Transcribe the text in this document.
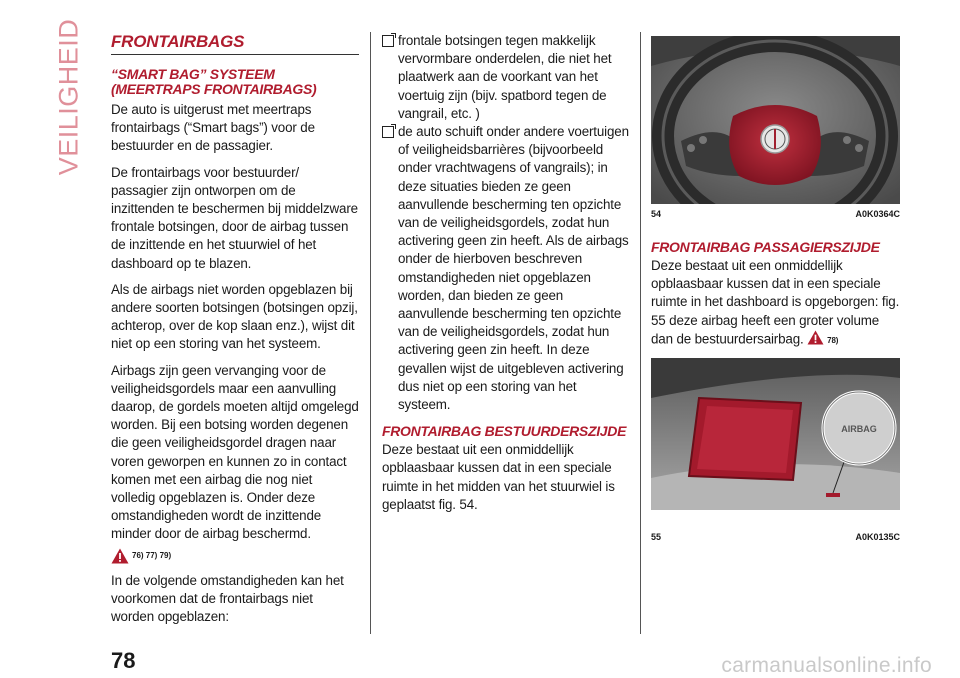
VEILIGHEID FRONTAIRBAGS
“SMART BAG” SYSTEEM (MEERTRAPS FRONTAIRBAGS)

De auto is uitgerust met meertraps frontairbags (“Smart bags”) voor de bestuurder en de passagier.

De frontairbags voor bestuurder/ passagier zijn ontworpen om de inzittenden te beschermen bij middelzware frontale botsingen, door de airbag tussen de inzittende en het stuurwiel of het dashboard op te blazen.

Als de airbags niet worden opgeblazen bij andere soorten botsingen (botsingen opzij, achterop, over de kop slaan enz.), wijst dit niet op een storing van het systeem.

Airbags zijn geen vervanging voor de veiligheidsgordels maar een aanvulling daarop, de gordels moeten altijd omgelegd worden. Bij een botsing worden degenen die geen veiligheidsgordel dragen naar voren geworpen en kunnen zo in contact komen met een airbag die nog niet volledig opgeblazen is. Onder deze omstandigheden wordt de inzittende minder door de airbag beschermd.

76) 77) 79)

In de volgende omstandigheden kan het voorkomen dat de frontairbags niet worden opgeblazen:

frontale botsingen tegen makkelijk vervormbare onderdelen, die niet het plaatwerk aan de voorkant van het voertuig zijn (bijv. spatbord tegen de vangrail, etc. )

de auto schuift onder andere voertuigen of veiligheidsbarrières (bijvoorbeeld onder vrachtwagens of vangrails); in deze situaties bieden ze geen aanvullende bescherming ten opzichte van de veiligheidsgordels, zodat hun activering geen zin heeft. Als de airbags onder de hierboven beschreven omstandigheden niet opgeblazen worden, dan bieden ze geen aanvullende bescherming ten opzichte van de veiligheidsgordels, zodat hun activering geen zin heeft. In deze gevallen wijst de uitgebleven activering dus niet op een storing van het systeem.

FRONTAIRBAG BESTUURDERSZIJDE

Deze bestaat uit een onmiddellijk opblaasbaar kussen dat in een speciale ruimte in het midden van het stuurwiel is geplaatst fig. 54.

54	A0K0364C
FRONTAIRBAG PASSAGIERSZIJDE

Deze bestaat uit een onmiddellijk opblaasbaar kussen dat in een speciale ruimte in het dashboard is opgeborgen: fig. 55 deze airbag heeft een groter volume dan de bestuurdersairbag.	78)

AIRBAG
55	A0K0135C
78	carmanualsonline.info
